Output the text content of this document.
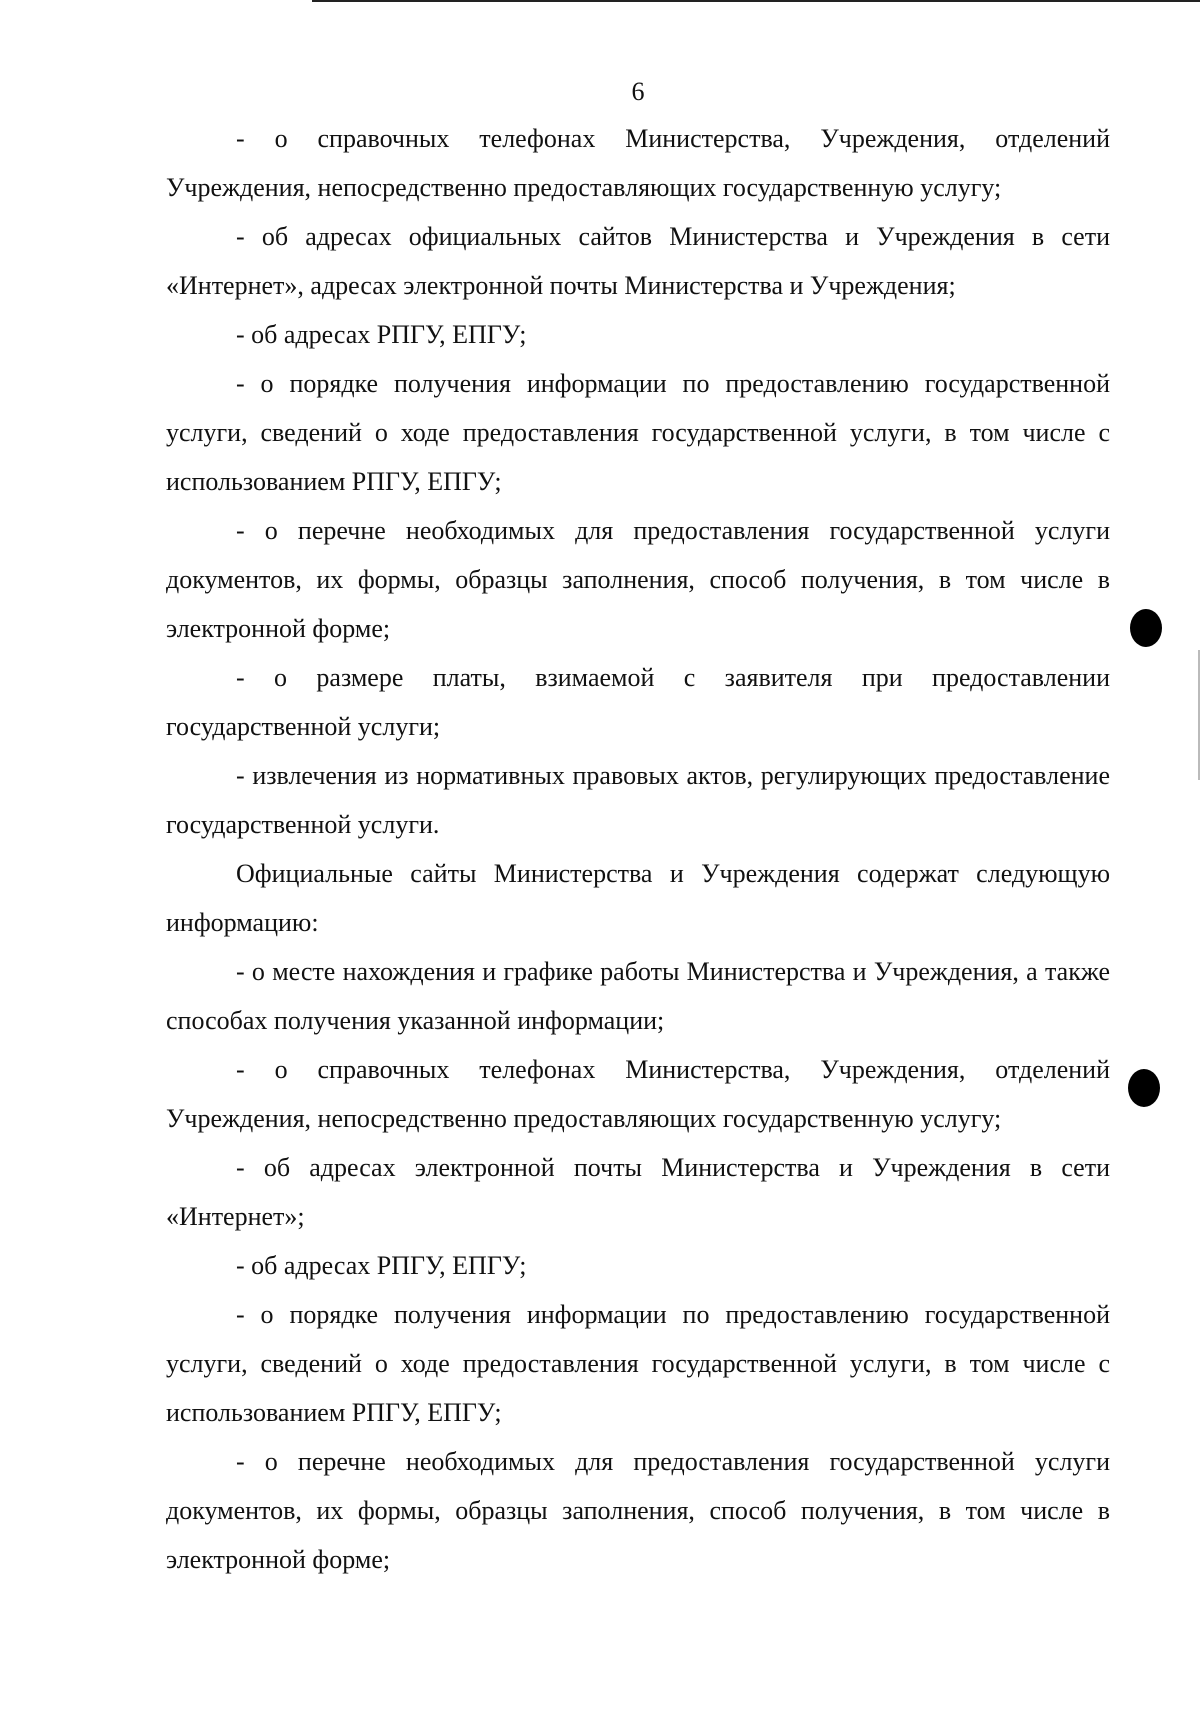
6

- о справочных телефонах Министерства, Учреждения, отделений Учреждения, непосредственно предоставляющих государственную услугу;

- об адресах официальных сайтов Министерства и Учреждения в сети «Интернет», адресах электронной почты Министерства и Учреждения;

- об адресах РПГУ, ЕПГУ;

- о порядке получения информации по предоставлению государственной услуги, сведений о ходе предоставления государственной услуги, в том числе с использованием РПГУ, ЕПГУ;

- о перечне необходимых для предоставления государственной услуги документов, их формы, образцы заполнения, способ получения, в том числе в электронной форме;

- о размере платы, взимаемой с заявителя при предоставлении государственной услуги;

- извлечения из нормативных правовых актов, регулирующих предоставление государственной услуги.

Официальные сайты Министерства и Учреждения содержат следующую информацию:

- о месте нахождения и графике работы Министерства и Учреждения, а также способах получения указанной информации;

- о справочных телефонах Министерства, Учреждения, отделений Учреждения, непосредственно предоставляющих государственную услугу;

- об адресах электронной почты Министерства и Учреждения в сети «Интернет»;

- об адресах РПГУ, ЕПГУ;

- о порядке получения информации по предоставлению государственной услуги, сведений о ходе предоставления государственной услуги, в том числе с использованием РПГУ, ЕПГУ;

- о перечне необходимых для предоставления государственной услуги документов, их формы, образцы заполнения, способ получения, в том числе в электронной форме;
